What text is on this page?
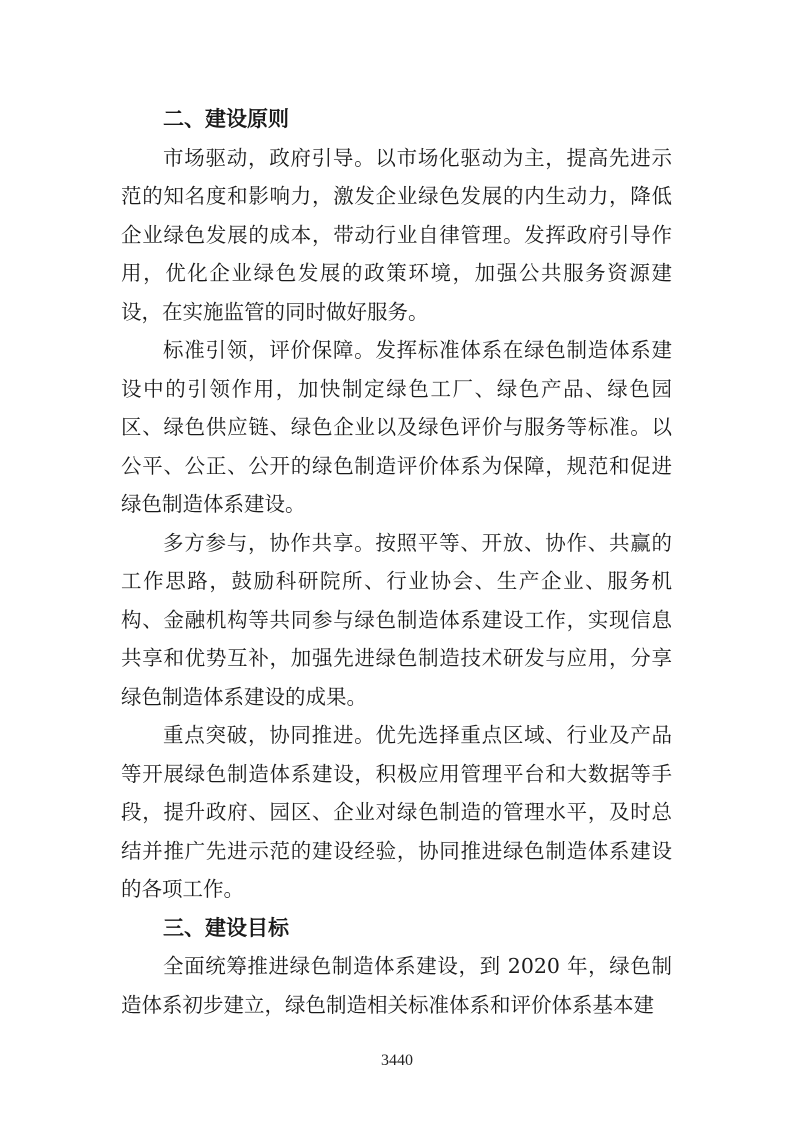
二、建设原则

市场驱动，政府引导。以市场化驱动为主，提高先进示范的知名度和影响力，激发企业绿色发展的内生动力，降低企业绿色发展的成本，带动行业自律管理。发挥政府引导作用，优化企业绿色发展的政策环境，加强公共服务资源建设，在实施监管的同时做好服务。

标准引领，评价保障。发挥标准体系在绿色制造体系建设中的引领作用，加快制定绿色工厂、绿色产品、绿色园区、绿色供应链、绿色企业以及绿色评价与服务等标准。以公平、公正、公开的绿色制造评价体系为保障，规范和促进绿色制造体系建设。

多方参与，协作共享。按照平等、开放、协作、共赢的工作思路，鼓励科研院所、行业协会、生产企业、服务机构、金融机构等共同参与绿色制造体系建设工作，实现信息共享和优势互补，加强先进绿色制造技术研发与应用，分享绿色制造体系建设的成果。

重点突破，协同推进。优先选择重点区域、行业及产品等开展绿色制造体系建设，积极应用管理平台和大数据等手段，提升政府、园区、企业对绿色制造的管理水平，及时总结并推广先进示范的建设经验，协同推进绿色制造体系建设的各项工作。

三、建设目标

全面统筹推进绿色制造体系建设，到 2020 年，绿色制造体系初步建立，绿色制造相关标准体系和评价体系基本建

3440
